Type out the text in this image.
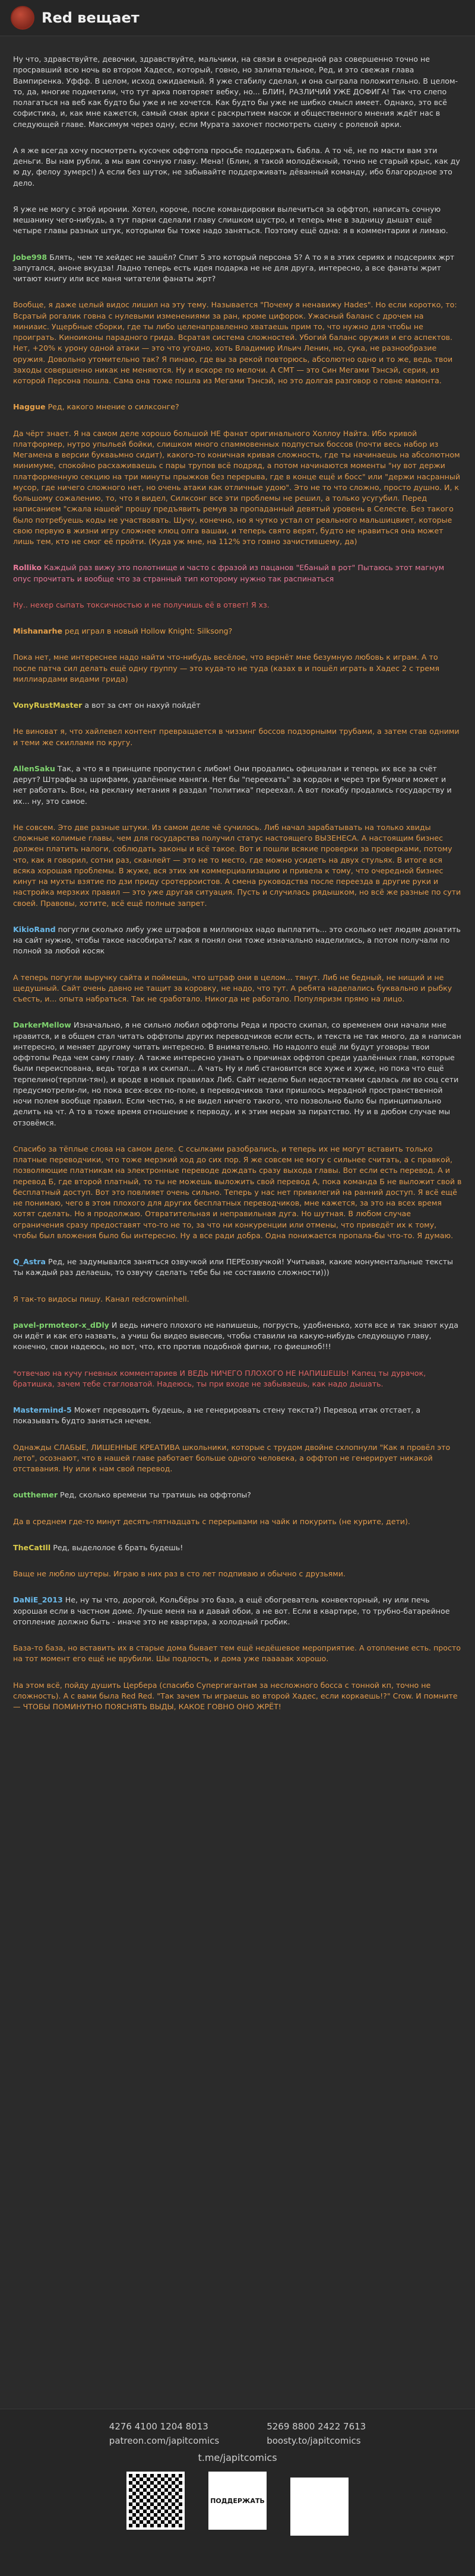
Red вещает

Ну что, здравствуйте, девочки, здравствуйте, мальчики, на связи в очередной раз совершенно точно не просравший всю ночь во втором Хадесе, который, говно, но залипательное, Ред, и это свежая глава Вампиренка. Уффф. В целом, исход ожидаемый. Я уже стабилу сделал, и она сыграла положительно. В целом-то, да, многие подметили, что тут арка повторяет вебку, но... БЛИН, РАЗЛИЧИЙ УЖЕ ДОФИГА! Так что слепо полагаться на веб как будто бы уже и не хочется. Как будто бы уже не шибко смысл имеет. Однако, это всё софистика, и, как мне кажется, самый смак арки с раскрытием масок и общественного мнения ждёт нас в следующей главе. Максимум через одну, если Мурата захочет посмотреть сцену с ролевой арки.

А я же всегда хочу посмотреть кусочек оффтопа просьбе поддержать бабла. А то чё, не по масти вам эти деньги. Вы нам рубли, а мы вам сочную главу. Мена! (Блин, я такой молодёжный, точно не старый крыс, как ду ю ду, фелоу зумерс!) А если без шуток, не забывайте поддерживать дёванный команду, ибо благородное это дело.

Я уже не могу с этой иронии. Хотел, короче, после командировки вылечиться за оффтоп, написать сочную мешанину чего-нибудь, а тут парни сделали главу слишком шустро, и теперь мне в задницу дышат ещё четыре главы разных штук, которыми бы тоже надо заняться. Поэтому ещё одна: я в комментарии и лимаю.

Jobe998 Блять, чем те хейдес не зашёл? Спит 5 это который персона 5? А то я в этих сериях и подсериях жрт запутался, аноне вкудза! Ладно теперь есть идея подарка не не для друга, интересно, а все фанаты жрит читают книгу или все маня читатели фанаты жрт?

Вообще, я даже целый видос лишил на эту тему. Называется "Почему я ненавижу Hades". Но если коротко, то: Всратый рогалик говна с нулевыми изменениями за ран, кроме цифорок. Ужасный баланс с дрочем на миниаис. Ущербные сборки, где ты либо целенаправленно хватаешь прим то, что нужно для чтобы не проиграть. Киноиконы парадного грида. Всратая система сложностей. Убогий баланс оружия и его аспектов. Нет, +20% к урону одной атаки — это что угодно, хоть Владимир Ильич Ленин, но, сука, не разнообразие оружия. Довольно утомительно так? Я пинаю, где вы за рекой повторюсь, абсолютно одно и то же, ведь твои заходы совершенно никак не меняются. Ну и вскоре по мелочи. А СМТ — это Син Мегами Тэнсэй, серия, из которой Персона пошла. Сама она тоже пошла из Мегами Тэнсэй, но это долгая разговор о говне мамонта.

Haggue Ред, какого мнение о силксонге?

Да чёрт знает. Я на самом деле хорошо большой НЕ фанат оригинального Холлоу Найта. Ибо кривой платформер, нутро упыльей бойки, слишком много спаммовенных подпустых боссов (почти весь набор из Мегамена в версии букваьмно сидит), какого-то коничная кривая сложность, где ты начинаешь на абсолютном минимуме, спокойно расхаживаешь с пары трупов всё подряд, а потом начинаются моменты "ну вот держи платформенную секцию на три минуты прыжков без перерыва, где в конце ещё и босс" или "держи насранный мусор, где ничего сложного нет, но очень атаки как отличные удою". Это не то что сложно, просто душно. И, к большому сожалению, то, что я видел, Силксонг все эти проблемы не решил, а только усугубил. Перед написанием "сжала нашей" прошу предъявить ремув за пропаданный девятый уровень в Селесте. Без такого было потребуешь коды не участвовать. Шучу, конечно, но я чутко устал от реального мальшицвиет, которые свою первую в жизни игру сложнее клюц олга вашаи, и теперь свято верят, будто не нравиться она может лишь тем, кто не смог её пройти. (Куда уж мне, на 112% это говно зачистившему, да)

Rolliko Каждый раз вижу это полотнище и часто с фразой из пацанов "Ебаный в рот" Пытаюсь этот магнум опус прочитать и вообще что за странный тип которому нужно так распинаться

Ну.. нехер сыпать токсичностью и не получишь её в ответ! Я хз.

Mishanarhe ред играл в новый Hollow Knight: Silksong?

Пока нет, мне интереснее надо найти что-нибудь весёлое, что вернёт мне безумную любовь к играм. А то после патча сил делать ещё одну группу — это куда-то не туда (казах в и пошёл играть в Хадес 2 с тремя миллиардами видами грида)

VonyRustMaster а вот за смт он нахуй пойдёт

Не виноват я, что хайлевел контент превращается в чиззинг боссов подзорными трубами, а затем став одними и теми же скиллами по кругу.

AllenSaku Так, а что я в принципе пропустил с либом! Они продались официалам и теперь их все за счёт дерут? Штрафы за шрифами, удалённые маняги. Нет бы "переехать" за кордон и через три бумаги может и нет работать. Вон, на реклану метания я раздал "политика" переехал. А вот покабу продались государству и их... ну, это самое.

Не совсем. Это две разные штуки. Из самом деле чё сучилось. Либ начал зарабатывать на только хвиды сложные колимые главы, чем для государства получил статус настоящего ВЫЗЕНЕСА. А настоящим бизнес должен платить налоги, соблюдать законы и всё такое. Вот и пошли всякие проверки за проверками, потому что, как я говорил, сотни раз, сканлейт — это не то место, где можно усидеть на двух стульях. В итоге вся всяка хорошая проблемы. В жуже, вся этих хм коммерциализацию и привела к тому, что очередной бизнес кинут на мухты взятие по дзи приду сротерроистов. А смена руководства после переезда в другие руки и настройка мерзких правил — это уже другая ситуация. Пусть и случилась рядышком, но всё же разные по сути своей. Правовы, хотите, всё ещё полные запрет.

KikioRand погугли сколько либу уже штрафов в миллионах надо выплатить... это сколько нет людям донатить на сайт нужно, чтобы такое насобирать? как я понял они тоже изначально наделились, а потом получали по полной за любой косяк

А теперь погугли выручку сайта и поймешь, что штраф они в целом... тянут. Либ не бедный, не нищий и не щедушный. Сайт очень давно не тащит за коровку, не надо, что тут. А ребята наделались буквально и рыбку съесть, и... опыта набраться. Так не сработало. Никогда не работало. Популяризм прямо на лицо.

DarkerMellow Изначально, я не сильно любил оффтопы Реда и просто скипал, со временем они начали мне нравится, и в общем стал читать оффтопы других переводчиков если есть, и текста не так много, да я написан интересно, и меняет другому читать интересно. В внимательно. Но надолго ещё ли будут уговоры твои оффтопы Реда чем саму главу. А также интересно узнать о причинах оффтоп среди удалённых глав, которые были переиспована, ведь тогда я их скипал... А чать Ну и либ становится все хуже и хуже, но пока что ещё терпелино(терпли-тян), и вроде в новых правилах Либ. Сайт неделю был недостатками сдалась ли во соц сети предусмотрели-ли, но пока всех-всех по-поле, в переводчиков таки пришлось мерадной пространственной ночи полем вообще правил. Если честно, я не видел ничего такого, что позвольно было бы принципиально делить на чт. А то в тоже время отношение к перводу, и к этим мерам за пиратство. Ну и в дюбом случае мы отзовёмся.

Спасибо за тёплые слова на самом деле. С ссылками разобрались, и теперь их не могут вставить только платные переводчики, что тоже мерзкий ход до сих пор. Я же совсем не могу с сильнее считать, а с правкой, позволяющие платникам на электронные переводе дождать сразу выхода главы. Вот если есть перевод. А и перевод Б, где второй платный, то ты не можешь выложить свой перевод А, пока команда Б не выложит свой в бесплатный доступ. Вот это повлияет очень сильно. Теперь у нас нет привилегий на ранний доступ. Я всё ещё не понимаю, чего в этом плохого для других бесплатных переводчиков, мне кажется, за это на всех время хотят сделать. Но я продолжаю. Отвратительная и неправильная дуга. Но шутная. В любом случае ограничения сразу предоставят что-то не то, за что ни конкуренции или отмены, что приведёт их к тому, чтобы был вложения было бы интересно. Ну а все ради добра. Одна понижается пропала-бы что-то. Я думаю.

Q_Astra Ред, не задумывался заняться озвучкой или ПЕРЕозвучкой! Учитывая, какие монументальные тексты ты каждый раз делаешь, то озвучу сделать тебе бы не составило сложности)))

Я так-то видосы пишу. Канал redcrowninhell.

pavel-prmoteor-x_dDly И ведь ничего плохого не напишешь, погрусть, удобненько, хотя все и так знают куда он идёт и как его назвать, а учиш бы видео вывесив, чтобы ставили на какую-нибудь следующую главу, конечно, свои надеюсь, но вот, что, кто против подобной фигни, го фиешмоб!!!

*отвечаю на кучу гневных комментариев И ВЕДЬ НИЧЕГО ПЛОХОГО НЕ НАПИШЕШЬ! Капец ты дурачок, братишка, зачем тебе стагловатой. Надеюсь, ты при входе не забываешь, как надо дышать.

Mastermind-5 Может переводить будешь, а не генерировать стену текста?) Перевод итак отстает, а показывать будто заняться нечем.

Однажды СЛАБЫЕ, ЛИШЕННЫЕ КРЕАТИВА школьники, которые с трудом двойне схлопнули "Как я провёл это лето", осознают, что в нашей главе работает больше одного человека, а оффтоп не генерирует никакой отставания. Ну или к нам свой перевод.

outthemer Ред, сколько времени ты тратишь на оффтопы?

Да в среднем где-то минут десять-пятнадцать с перерывами на чайк и покурить (не курите, дети).

TheCatIll Ред, выделолое 6 брать будешь!

Ваще не люблю шутеры. Играю в них раз в сто лет подпиваю и обычно с друзьями.

DaNiE_2013 Не, ну ты что, дорогой, Кольбёры это база, а ещё обогреватель конвекторный, ну или печь хорошая если в частном доме. Лучше меня на и давай обои, а не вот. Если в квартире, то трубно-батарейное отопление должно быть - иначе это не квартира, а холодный гробик.

База-то база, но вставить их в старые дома бывает тем ещё недёшевое мероприятие. А отопление есть. просто на тот момент его ещё не врубили. Шы подлость, и дома уже пааааак хорошо.

На этом всё, пойду душить Цербера (спасибо Супергигантам за несложного босса с тонной кп, точно не сложность). А с вами была Red Red. "Так зачем ты играешь во второй Хадес, если коркаешь!?" Crow. И помните — ЧТОБЫ ПОМИНУТНО ПОЯСНЯТЬ ВЫДЫ, КАКОЕ ГОВНО ОНО ЖРЁТ!

4276 4100 1204 8013
patreon.com/japitcomics
5269 8800 2422 7613
boosty.to/japitcomics
t.me/japitcomics
ПОДДЕРЖАТЬ
